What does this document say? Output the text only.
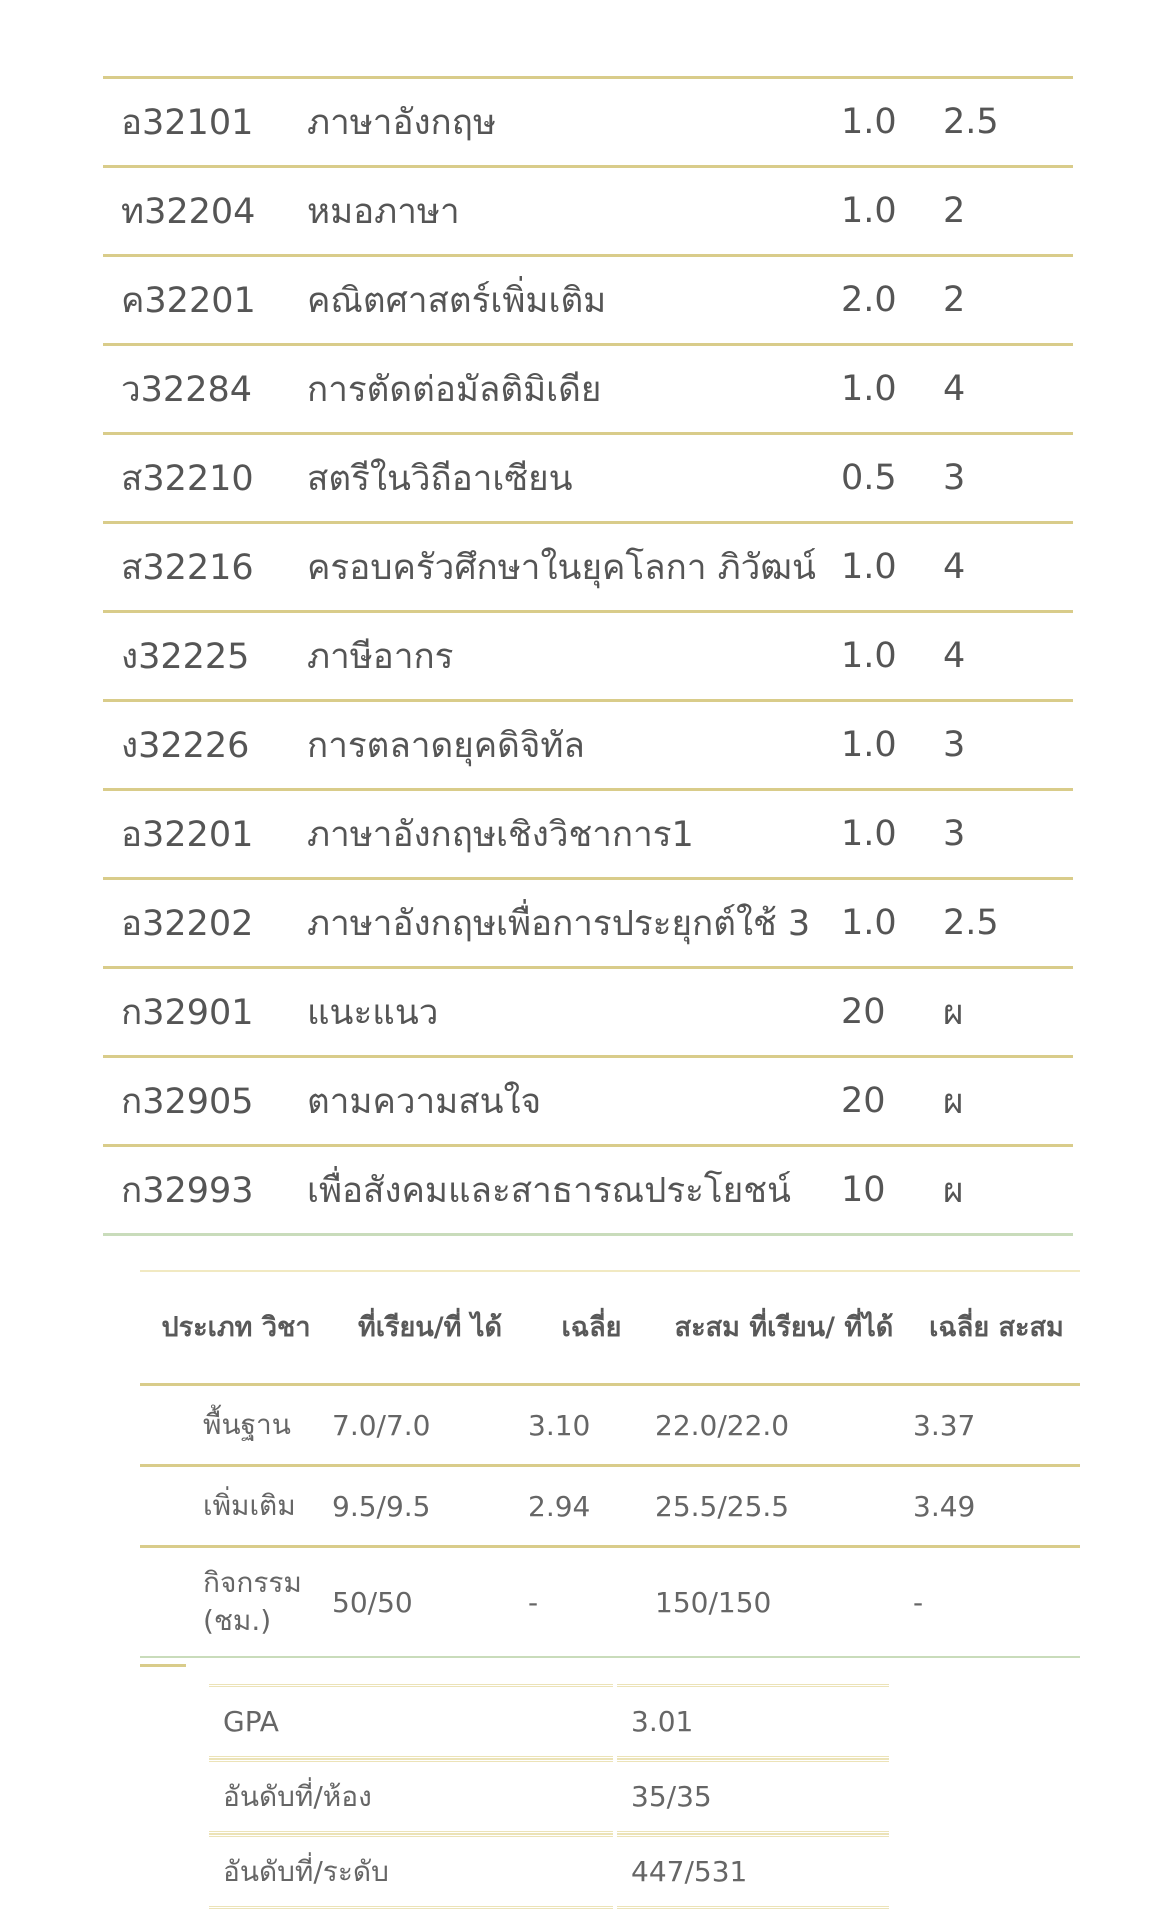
อ32101	ภาษาอังกฤษ	1.0	2.5
ท32204	หมอภาษา	1.0	2
ค32201	คณิตศาสตร์เพิ่มเติม	2.0	2
ว32284	การตัดต่อมัลติมิเดีย	1.0	4
ส32210	สตรีในวิถีอาเซียน	0.5	3
ส32216	ครอบครัวศึกษาในยุคโลกา ภิวัฒน์	1.0	4
ง32225	ภาษีอากร	1.0	4
ง32226	การตลาดยุคดิจิทัล	1.0	3
อ32201	ภาษาอังกฤษเชิงวิชาการ1	1.0	3
อ32202	ภาษาอังกฤษเพื่อการประยุกต์ใช้ 3	1.0	2.5
ก32901	แนะแนว	20	ผ
ก32905	ตามความสนใจ	20	ผ
ก32993	เพื่อสังคมและสาธารณประโยชน์	10	ผ
ประเภท วิชา	ที่เรียน/ที่ ได้	เฉลี่ย	สะสม ที่เรียน/ ที่ได้	เฉลี่ย สะสม
พื้นฐาน	7.0/7.0	3.10	22.0/22.0	3.37
เพิ่มเติม	9.5/9.5	2.94	25.5/25.5	3.49
กิจกรรม (ชม.)	50/50	-	150/150	-
GPA	3.01
อันดับที่/ห้อง	35/35
อันดับที่/ระดับ	447/531
